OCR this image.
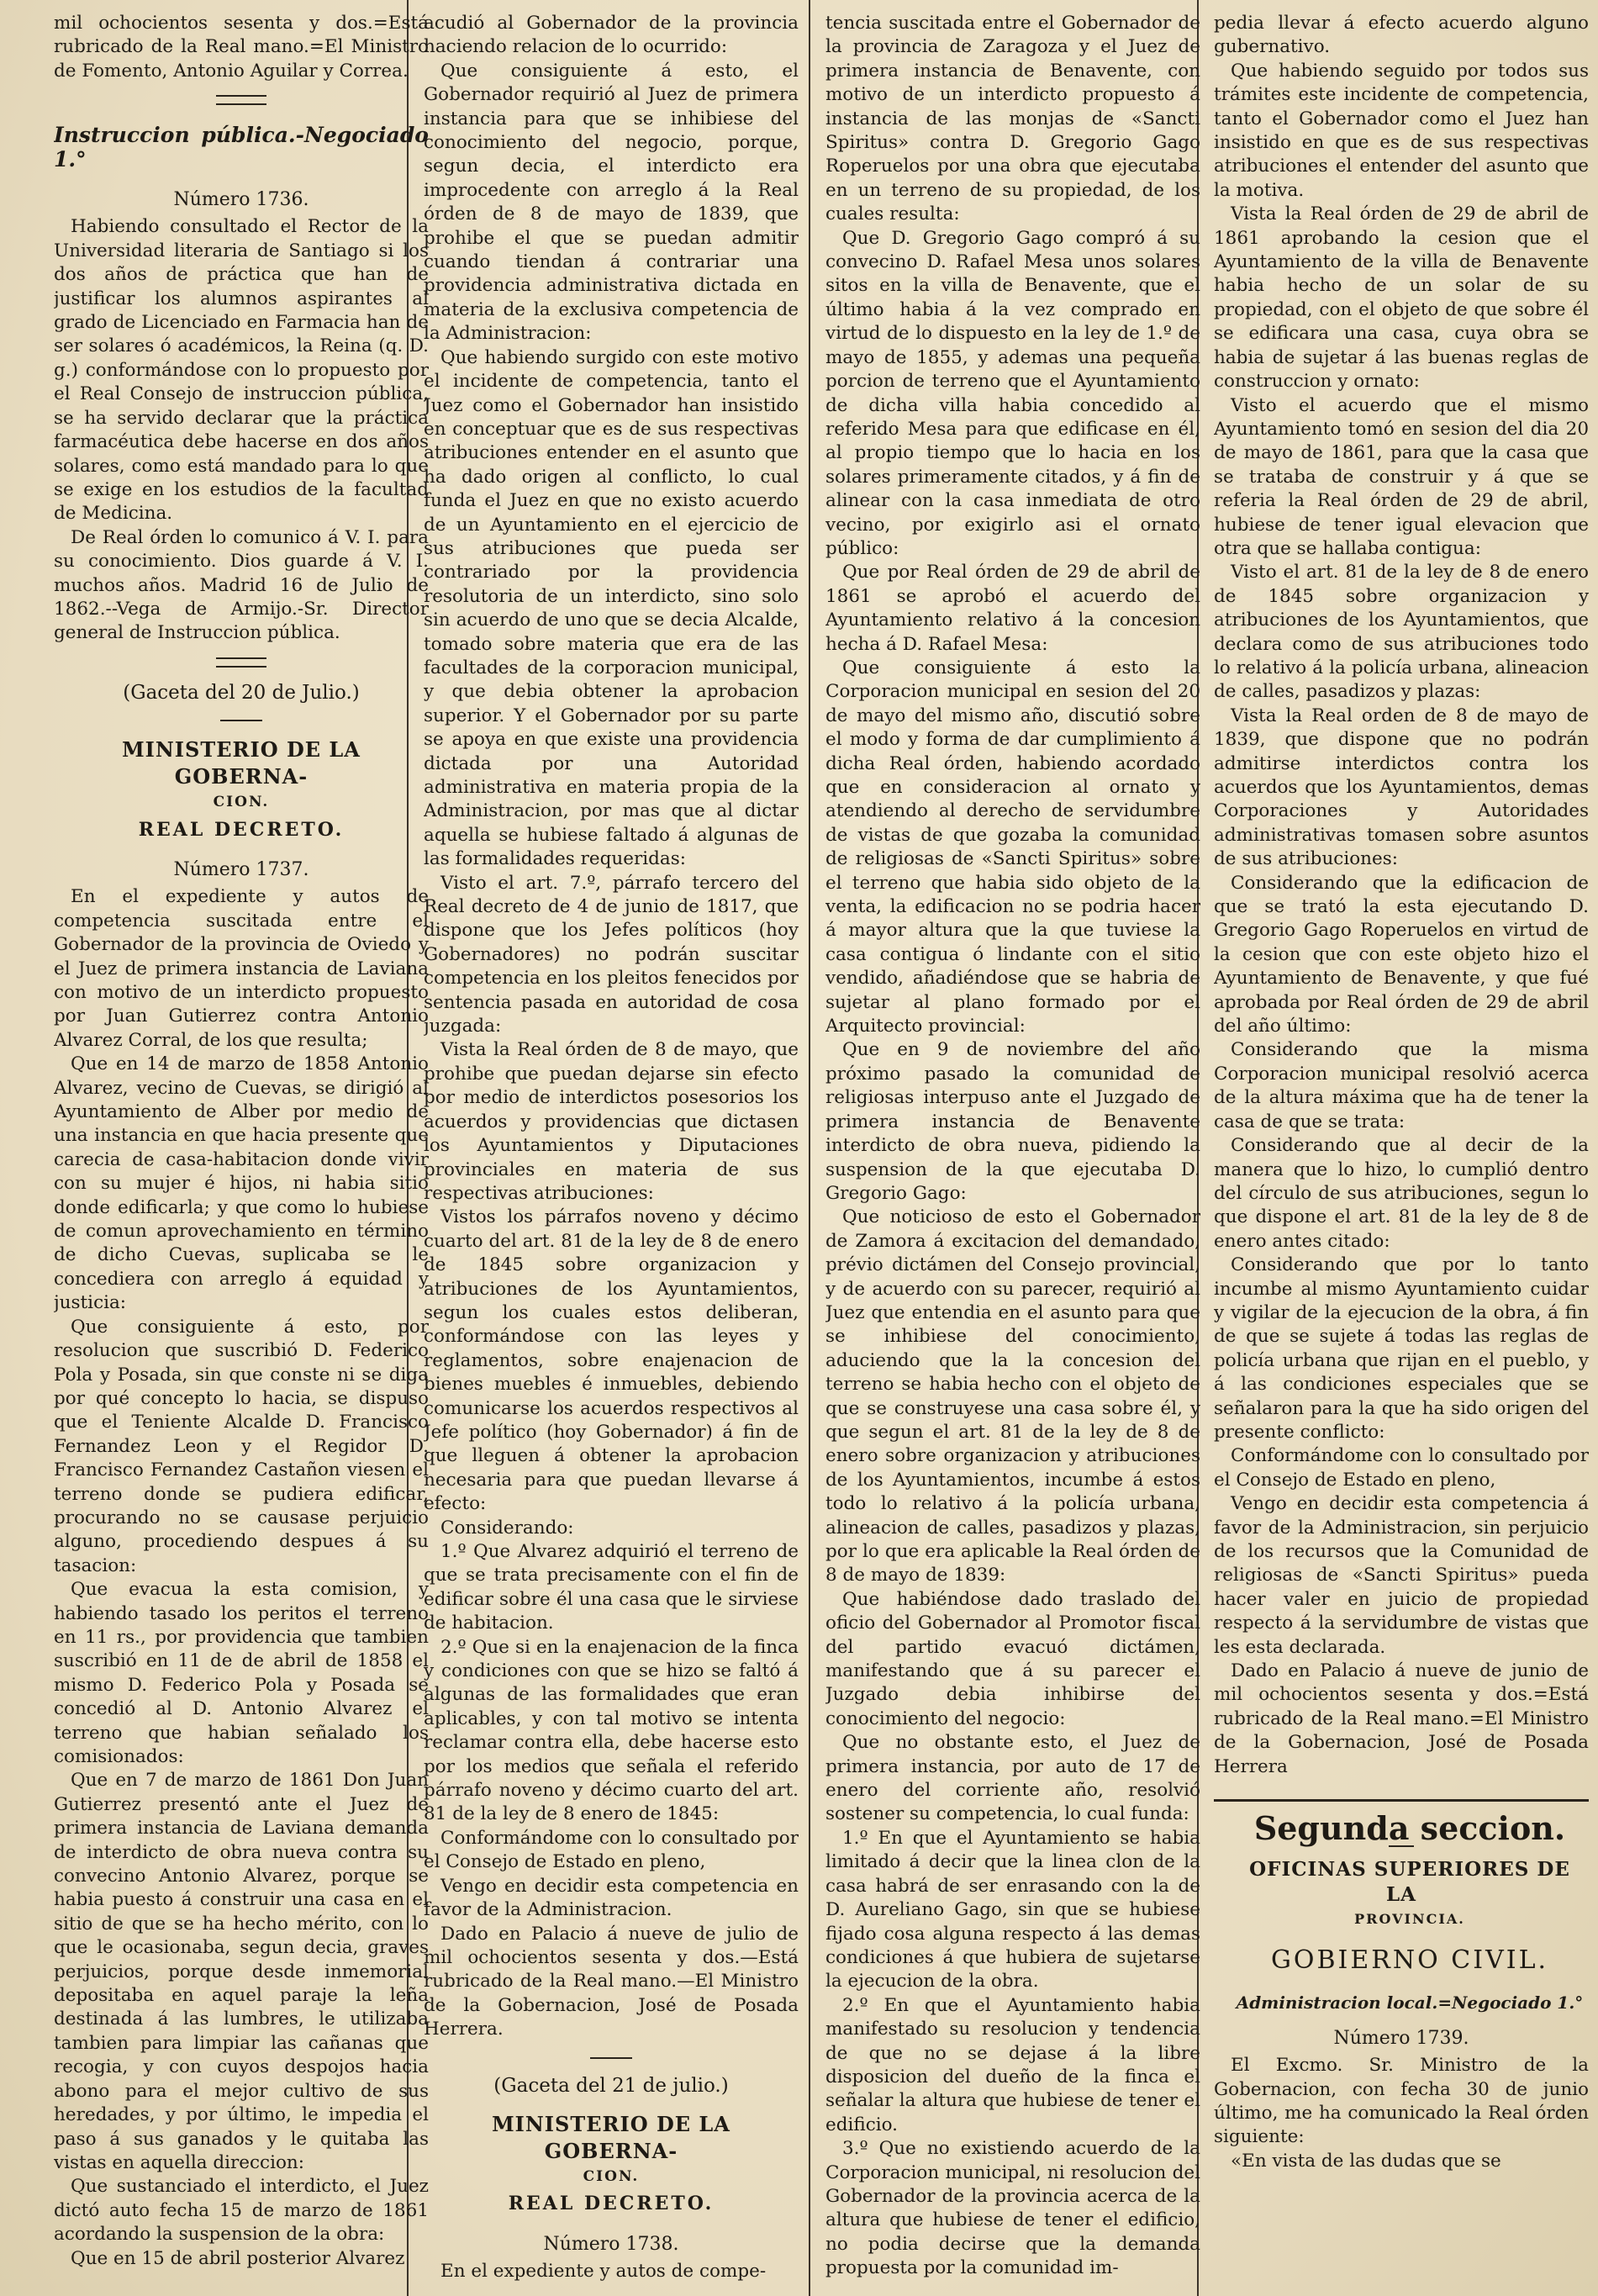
mil ochocientos sesenta y dos.=Está rubricado de la Real mano.=El Ministro de Fomento, Antonio Aguilar y Correa.

Instruccion pública.-Negociado 1.°

Número 1736.

Habiendo consultado el Rector de la Universidad literaria de Santiago si los dos años de práctica que han de justificar los alumnos aspirantes al grado de Licenciado en Farmacia han de ser solares ó académicos, la Reina (q. D. g.) conformándose con lo propuesto por el Real Consejo de instruccion pública, se ha servido declarar que la práctica farmacéutica debe hacerse en dos años solares, como está mandado para lo que se exige en los estudios de la facultad de Medicina.

De Real órden lo comunico á V. I. para su conocimiento. Dios guarde á V. I. muchos años. Madrid 16 de Julio de 1862.--Vega de Armijo.-Sr. Director general de Instruccion pública.

(Gaceta del 20 de Julio.)

MINISTERIO DE LA GOBERNA-

CION.

REAL DECRETO.

Número 1737.

En el expediente y autos de competencia suscitada entre el Gobernador de la provincia de Oviedo y el Juez de primera instancia de Laviana con motivo de un interdicto propuesto por Juan Gutierrez contra Antonio Alvarez Corral, de los que resulta;

Que en 14 de marzo de 1858 Antonio Alvarez, vecino de Cuevas, se dirigió al Ayuntamiento de Alber por medio de una instancia en que hacia presente que carecia de casa-habitacion donde vivir con su mujer é hijos, ni habia sitio donde edificarla; y que como lo hubiese de comun aprovechamiento en término de dicho Cuevas, suplicaba se le concediera con arreglo á equidad y justicia:

Que consiguiente á esto, por resolucion que suscribió D. Federico Pola y Posada, sin que conste ni se diga por qué concepto lo hacia, se dispuso que el Teniente Alcalde D. Francisco Fernandez Leon y el Regidor D. Francisco Fernandez Castañon viesen el terreno donde se pudiera edificar, procurando no se causase perjuicio alguno, procediendo despues á su tasacion:

Que evacua la esta comision, y habiendo tasado los peritos el terreno en 11 rs., por providencia que tambien suscribió en 11 de de abril de 1858 el mismo D. Federico Pola y Posada se concedió al D. Antonio Alvarez el terreno que habian señalado los comisionados:

Que en 7 de marzo de 1861 Don Juan Gutierrez presentó ante el Juez de primera instancia de Laviana demanda de interdicto de obra nueva contra su convecino Antonio Alvarez, porque se habia puesto á construir una casa en el sitio de que se ha hecho mérito, con lo que le ocasionaba, segun decia, graves perjuicios, porque desde inmemorial depositaba en aquel paraje la leña destinada á las lumbres, le utilizaba tambien para limpiar las cañanas que recogia, y con cuyos despojos hacia abono para el mejor cultivo de sus heredades, y por último, le impedia el paso á sus ganados y le quitaba las vistas en aquella direccion:

Que sustanciado el interdicto, el Juez dictó auto fecha 15 de marzo de 1861 acordando la suspension de la obra:

Que en 15 de abril posterior Alvarez

acudió al Gobernador de la provincia haciendo relacion de lo ocurrido:

Que consiguiente á esto, el Gobernador requirió al Juez de primera instancia para que se inhibiese del conocimiento del negocio, porque, segun decia, el interdicto era improcedente con arreglo á la Real órden de 8 de mayo de 1839, que prohibe el que se puedan admitir cuando tiendan á contrariar una providencia administrativa dictada en materia de la exclusiva competencia de la Administracion:

Que habiendo surgido con este motivo el incidente de competencia, tanto el Juez como el Gobernador han insistido en conceptuar que es de sus respectivas atribuciones entender en el asunto que ha dado origen al conflicto, lo cual funda el Juez en que no existo acuerdo de un Ayuntamiento en el ejercicio de sus atribuciones que pueda ser contrariado por la providencia resolutoria de un interdicto, sino solo sin acuerdo de uno que se decia Alcalde, tomado sobre materia que era de las facultades de la corporacion municipal, y que debia obtener la aprobacion superior. Y el Gobernador por su parte se apoya en que existe una providencia dictada por una Autoridad administrativa en materia propia de la Administracion, por mas que al dictar aquella se hubiese faltado á algunas de las formalidades requeridas:

Visto el art. 7.º, párrafo tercero del Real decreto de 4 de junio de 1817, que dispone que los Jefes políticos (hoy Gobernadores) no podrán suscitar competencia en los pleitos fenecidos por sentencia pasada en autoridad de cosa juzgada:

Vista la Real órden de 8 de mayo, que prohibe que puedan dejarse sin efecto por medio de interdictos posesorios los acuerdos y providencias que dictasen los Ayuntamientos y Diputaciones provinciales en materia de sus respectivas atribuciones:

Vistos los párrafos noveno y décimo cuarto del art. 81 de la ley de 8 de enero de 1845 sobre organizacion y atribuciones de los Ayuntamientos, segun los cuales estos deliberan, conformándose con las leyes y reglamentos, sobre enajenacion de bienes muebles é inmuebles, debiendo comunicarse los acuerdos respectivos al Jefe político (hoy Gobernador) á fin de que lleguen á obtener la aprobacion necesaria para que puedan llevarse á efecto:

Considerando:

1.º Que Alvarez adquirió el terreno de que se trata precisamente con el fin de edificar sobre él una casa que le sirviese de habitacion.

2.º Que si en la enajenacion de la finca y condiciones con que se hizo se faltó á algunas de las formalidades que eran aplicables, y con tal motivo se intenta reclamar contra ella, debe hacerse esto por los medios que señala el referido párrafo noveno y décimo cuarto del art. 81 de la ley de 8 enero de 1845:

Conformándome con lo consultado por el Consejo de Estado en pleno,

Vengo en decidir esta competencia en favor de la Administracion.

Dado en Palacio á nueve de julio de mil ochocientos sesenta y dos.—Está rubricado de la Real mano.—El Ministro de la Gobernacion, José de Posada Herrera.

(Gaceta del 21 de julio.)

MINISTERIO DE LA GOBERNA-

CION.

REAL DECRETO.

Número 1738.

En el expediente y autos de compe-

tencia suscitada entre el Gobernador de la provincia de Zaragoza y el Juez de primera instancia de Benavente, con motivo de un interdicto propuesto á instancia de las monjas de «Sancti Spiritus» contra D. Gregorio Gago Roperuelos por una obra que ejecutaba en un terreno de su propiedad, de los cuales resulta:

Que D. Gregorio Gago compró á su convecino D. Rafael Mesa unos solares sitos en la villa de Benavente, que el último habia á la vez comprado en virtud de lo dispuesto en la ley de 1.º de mayo de 1855, y ademas una pequeña porcion de terreno que el Ayuntamiento de dicha villa habia concedido al referido Mesa para que edificase en él, al propio tiempo que lo hacia en los solares primeramente citados, y á fin de alinear con la casa inmediata de otro vecino, por exigirlo asi el ornato público:

Que por Real órden de 29 de abril de 1861 se aprobó el acuerdo del Ayuntamiento relativo á la concesion hecha á D. Rafael Mesa:

Que consiguiente á esto la Corporacion municipal en sesion del 20 de mayo del mismo año, discutió sobre el modo y forma de dar cumplimiento á dicha Real órden, habiendo acordado que en consideracion al ornato y atendiendo al derecho de servidumbre de vistas de que gozaba la comunidad de religiosas de «Sancti Spiritus» sobre el terreno que habia sido objeto de la venta, la edificacion no se podria hacer á mayor altura que la que tuviese la casa contigua ó lindante con el sitio vendido, añadiéndose que se habria de sujetar al plano formado por el Arquitecto provincial:

Que en 9 de noviembre del año próximo pasado la comunidad de religiosas interpuso ante el Juzgado de primera instancia de Benavente interdicto de obra nueva, pidiendo la suspension de la que ejecutaba D. Gregorio Gago:

Que noticioso de esto el Gobernador de Zamora á excitacion del demandado, prévio dictámen del Consejo provincial, y de acuerdo con su parecer, requirió al Juez que entendia en el asunto para que se inhibiese del conocimiento, aduciendo que la la concesion del terreno se habia hecho con el objeto de que se construyese una casa sobre él, y que segun el art. 81 de la ley de 8 de enero sobre organizacion y atribuciones de los Ayuntamientos, incumbe á estos todo lo relativo á la policía urbana, alineacion de calles, pasadizos y plazas, por lo que era aplicable la Real órden de 8 de mayo de 1839:

Que habiéndose dado traslado del oficio del Gobernador al Promotor fiscal del partido evacuó dictámen, manifestando que á su parecer el Juzgado debia inhibirse del conocimiento del negocio:

Que no obstante esto, el Juez de primera instancia, por auto de 17 de enero del corriente año, resolvió sostener su competencia, lo cual funda:

1.º En que el Ayuntamiento se habia limitado á decir que la linea clon de la casa habrá de ser enrasando con la de D. Aureliano Gago, sin que se hubiese fijado cosa alguna respecto á las demas condiciones á que hubiera de sujetarse la ejecucion de la obra.

2.º En que el Ayuntamiento habia manifestado su resolucion y tendencia de que no se dejase á la libre disposicion del dueño de la finca el señalar la altura que hubiese de tener el edificio.

3.º Que no existiendo acuerdo de la Corporacion municipal, ni resolucion del Gobernador de la provincia acerca de la altura que hubiese de tener el edificio, no podia decirse que la demanda propuesta por la comunidad im-

pedia llevar á efecto acuerdo alguno gubernativo.

Que habiendo seguido por todos sus trámites este incidente de competencia, tanto el Gobernador como el Juez han insistido en que es de sus respectivas atribuciones el entender del asunto que la motiva.

Vista la Real órden de 29 de abril de 1861 aprobando la cesion que el Ayuntamiento de la villa de Benavente habia hecho de un solar de su propiedad, con el objeto de que sobre él se edificara una casa, cuya obra se habia de sujetar á las buenas reglas de construccion y ornato:

Visto el acuerdo que el mismo Ayuntamiento tomó en sesion del dia 20 de mayo de 1861, para que la casa que se trataba de construir y á que se referia la Real órden de 29 de abril, hubiese de tener igual elevacion que otra que se hallaba contigua:

Visto el art. 81 de la ley de 8 de enero de 1845 sobre organizacion y atribuciones de los Ayuntamientos, que declara como de sus atribuciones todo lo relativo á la policía urbana, alineacion de calles, pasadizos y plazas:

Vista la Real orden de 8 de mayo de 1839, que dispone que no podrán admitirse interdictos contra los acuerdos que los Ayuntamientos, demas Corporaciones y Autoridades administrativas tomasen sobre asuntos de sus atribuciones:

Considerando que la edificacion de que se trató la esta ejecutando D. Gregorio Gago Roperuelos en virtud de la cesion que con este objeto hizo el Ayuntamiento de Benavente, y que fué aprobada por Real órden de 29 de abril del año último:

Considerando que la misma Corporacion municipal resolvió acerca de la altura máxima que ha de tener la casa de que se trata:

Considerando que al decir de la manera que lo hizo, lo cumplió dentro del círculo de sus atribuciones, segun lo que dispone el art. 81 de la ley de 8 de enero antes citado:

Considerando que por lo tanto incumbe al mismo Ayuntamiento cuidar y vigilar de la ejecucion de la obra, á fin de que se sujete á todas las reglas de policía urbana que rijan en el pueblo, y á las condiciones especiales que se señalaron para la que ha sido origen del presente conflicto:

Conformándome con lo consultado por el Consejo de Estado en pleno,

Vengo en decidir esta competencia á favor de la Administracion, sin perjuicio de los recursos que la Comunidad de religiosas de «Sancti Spiritus» pueda hacer valer en juicio de propiedad respecto á la servidumbre de vistas que les esta declarada.

Dado en Palacio á nueve de junio de mil ochocientos sesenta y dos.=Está rubricado de la Real mano.=El Ministro de la Gobernacion, José de Posada Herrera

Segunda seccion.

OFICINAS SUPERIORES DE LA

PROVINCIA.

GOBIERNO CIVIL.

Administracion local.=Negociado 1.°

Número 1739.

El Excmo. Sr. Ministro de la Gobernacion, con fecha 30 de junio último, me ha comunicado la Real órden siguiente:

«En vista de las dudas que se
